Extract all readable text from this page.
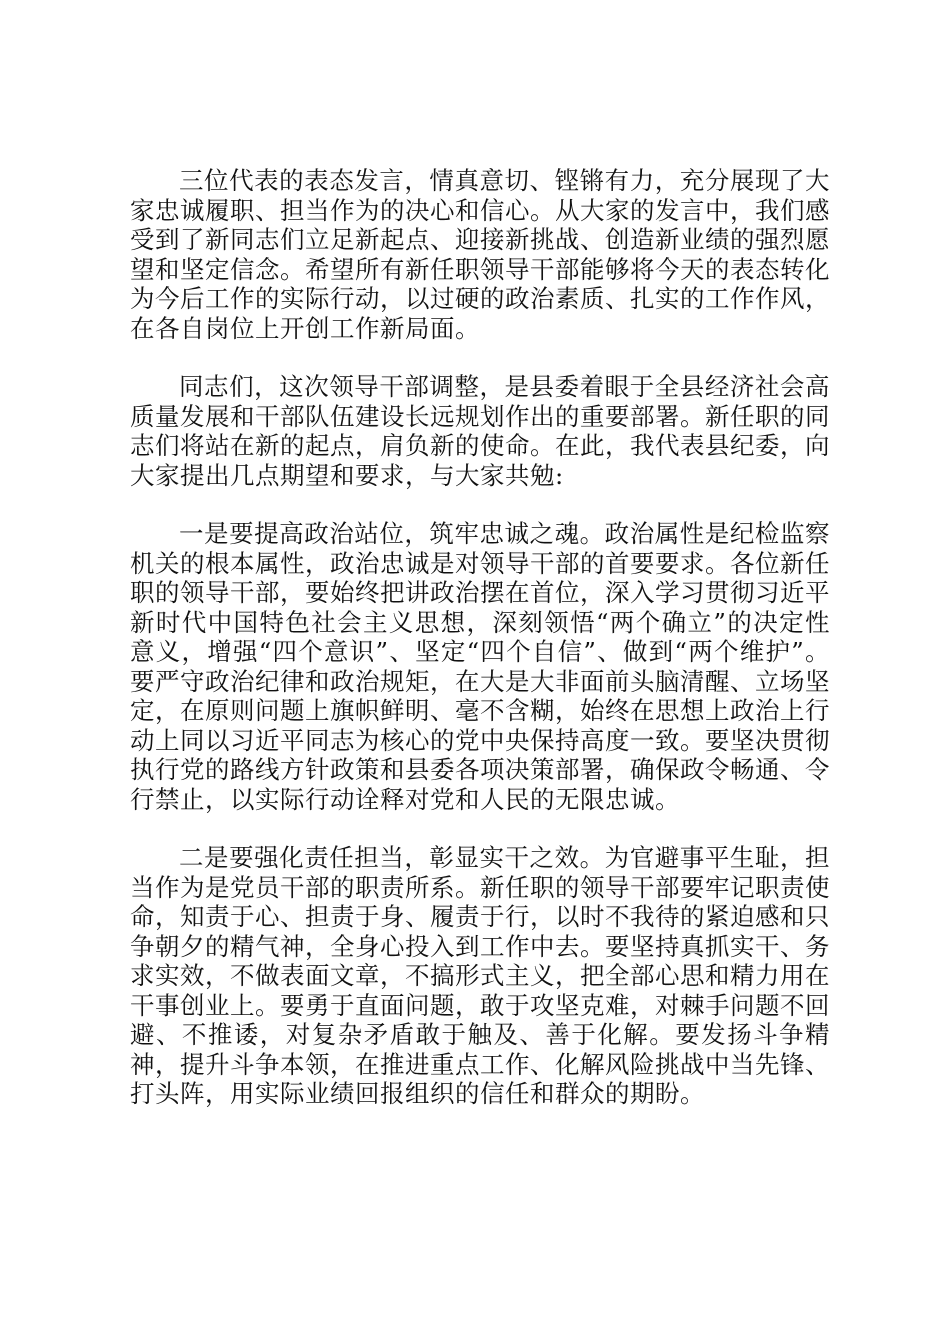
三位代表的表态发言，情真意切、铿锵有力，充分展现了大家忠诚履职、担当作为的决心和信心。从大家的发言中，我们感受到了新同志们立足新起点、迎接新挑战、创造新业绩的强烈愿望和坚定信念。希望所有新任职领导干部能够将今天的表态转化为今后工作的实际行动，以过硬的政治素质、扎实的工作作风，在各自岗位上开创工作新局面。

同志们，这次领导干部调整，是县委着眼于全县经济社会高质量发展和干部队伍建设长远规划作出的重要部署。新任职的同志们将站在新的起点，肩负新的使命。在此，我代表县纪委，向大家提出几点期望和要求，与大家共勉:

一是要提高政治站位，筑牢忠诚之魂。政治属性是纪检监察机关的根本属性，政治忠诚是对领导干部的首要要求。各位新任职的领导干部，要始终把讲政治摆在首位，深入学习贯彻习近平新时代中国特色社会主义思想，深刻领悟“两个确立”的决定性意义，增强“四个意识”、坚定“四个自信”、做到“两个维护”。要严守政治纪律和政治规矩，在大是大非面前头脑清醒、立场坚定，在原则问题上旗帜鲜明、毫不含糊，始终在思想上政治上行动上同以习近平同志为核心的党中央保持高度一致。要坚决贯彻执行党的路线方针政策和县委各项决策部署，确保政令畅通、令行禁止，以实际行动诠释对党和人民的无限忠诚。

二是要强化责任担当，彰显实干之效。为官避事平生耻，担当作为是党员干部的职责所系。新任职的领导干部要牢记职责使命，知责于心、担责于身、履责于行，以时不我待的紧迫感和只争朝夕的精气神，全身心投入到工作中去。要坚持真抓实干、务求实效，不做表面文章，不搞形式主义，把全部心思和精力用在干事创业上。要勇于直面问题，敢于攻坚克难，对棘手问题不回避、不推诿，对复杂矛盾敢于触及、善于化解。要发扬斗争精神，提升斗争本领，在推进重点工作、化解风险挑战中当先锋、打头阵，用实际业绩回报组织的信任和群众的期盼。
